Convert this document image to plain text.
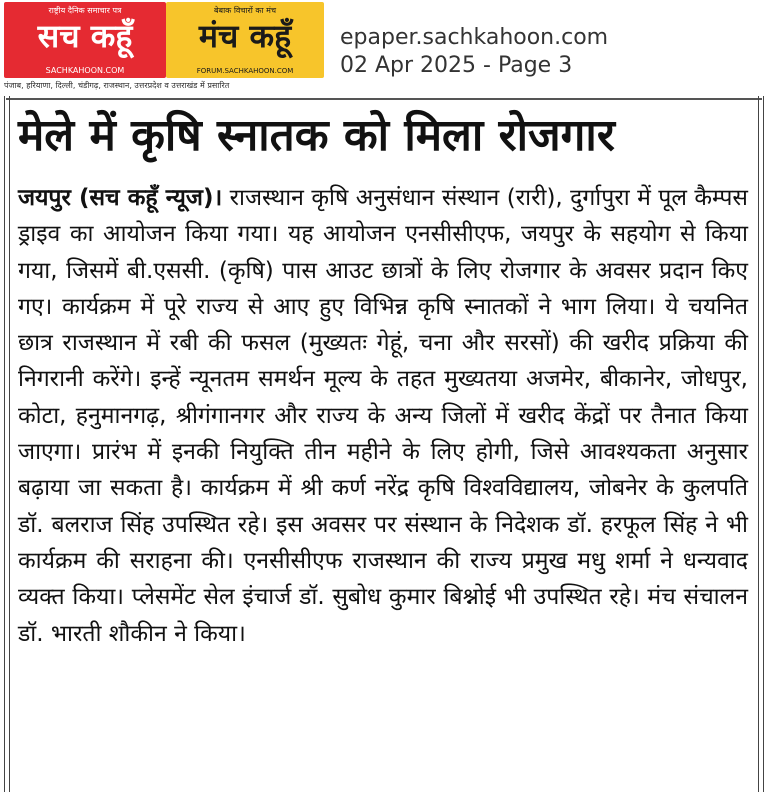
राष्ट्रीय दैनिक समाचार पत्र
सच कहूँ
SACHKAHOON.COM
बेबाक विचारों का मंच
मंच कहूँ
FORUM.SACHKAHOON.COM
पंजाब, हरियाणा, दिल्ली, चंडीगढ़, राजस्थान, उत्तरप्रदेश व उत्तराखंड में प्रसारित
epaper.sachkahoon.com
02 Apr 2025 - Page 3
मेले में कृषि स्नातक को मिला रोजगार
जयपुर (सच कहूँ न्यूज)। राजस्थान कृषि अनुसंधान संस्थान (रारी), दुर्गापुरा में पूल कैम्पस ड्राइव का आयोजन किया गया। यह आयोजन एनसीसीएफ, जयपुर के सहयोग से किया गया, जिसमें बी.एससी. (कृषि) पास आउट छात्रों के लिए रोजगार के अवसर प्रदान किए गए। कार्यक्रम में पूरे राज्य से आए हुए विभिन्न कृषि स्नातकों ने भाग लिया। ये चयनित छात्र राजस्थान में रबी की फसल (मुख्यतः गेहूं, चना और सरसों) की खरीद प्रक्रिया की निगरानी करेंगे। इन्हें न्यूनतम समर्थन मूल्य के तहत मुख्यतया अजमेर, बीकानेर, जोधपुर, कोटा, हनुमानगढ़, श्रीगंगानगर और राज्य के अन्य जिलों में खरीद केंद्रों पर तैनात किया जाएगा। प्रारंभ में इनकी नियुक्ति तीन महीने के लिए होगी, जिसे आवश्यकता अनुसार बढ़ाया जा सकता है। कार्यक्रम में श्री कर्ण नरेंद्र कृषि विश्वविद्यालय, जोबनेर के कुलपति डॉ. बलराज सिंह उपस्थित रहे। इस अवसर पर संस्थान के निदेशक डॉ. हरफूल सिंह ने भी कार्यक्रम की सराहना की। एनसीसीएफ राजस्थान की राज्य प्रमुख मधु शर्मा ने धन्यवाद व्यक्त किया। प्लेसमेंट सेल इंचार्ज डॉ. सुबोध कुमार बिश्नोई भी उपस्थित रहे। मंच संचालन डॉ. भारती शौकीन ने किया।
